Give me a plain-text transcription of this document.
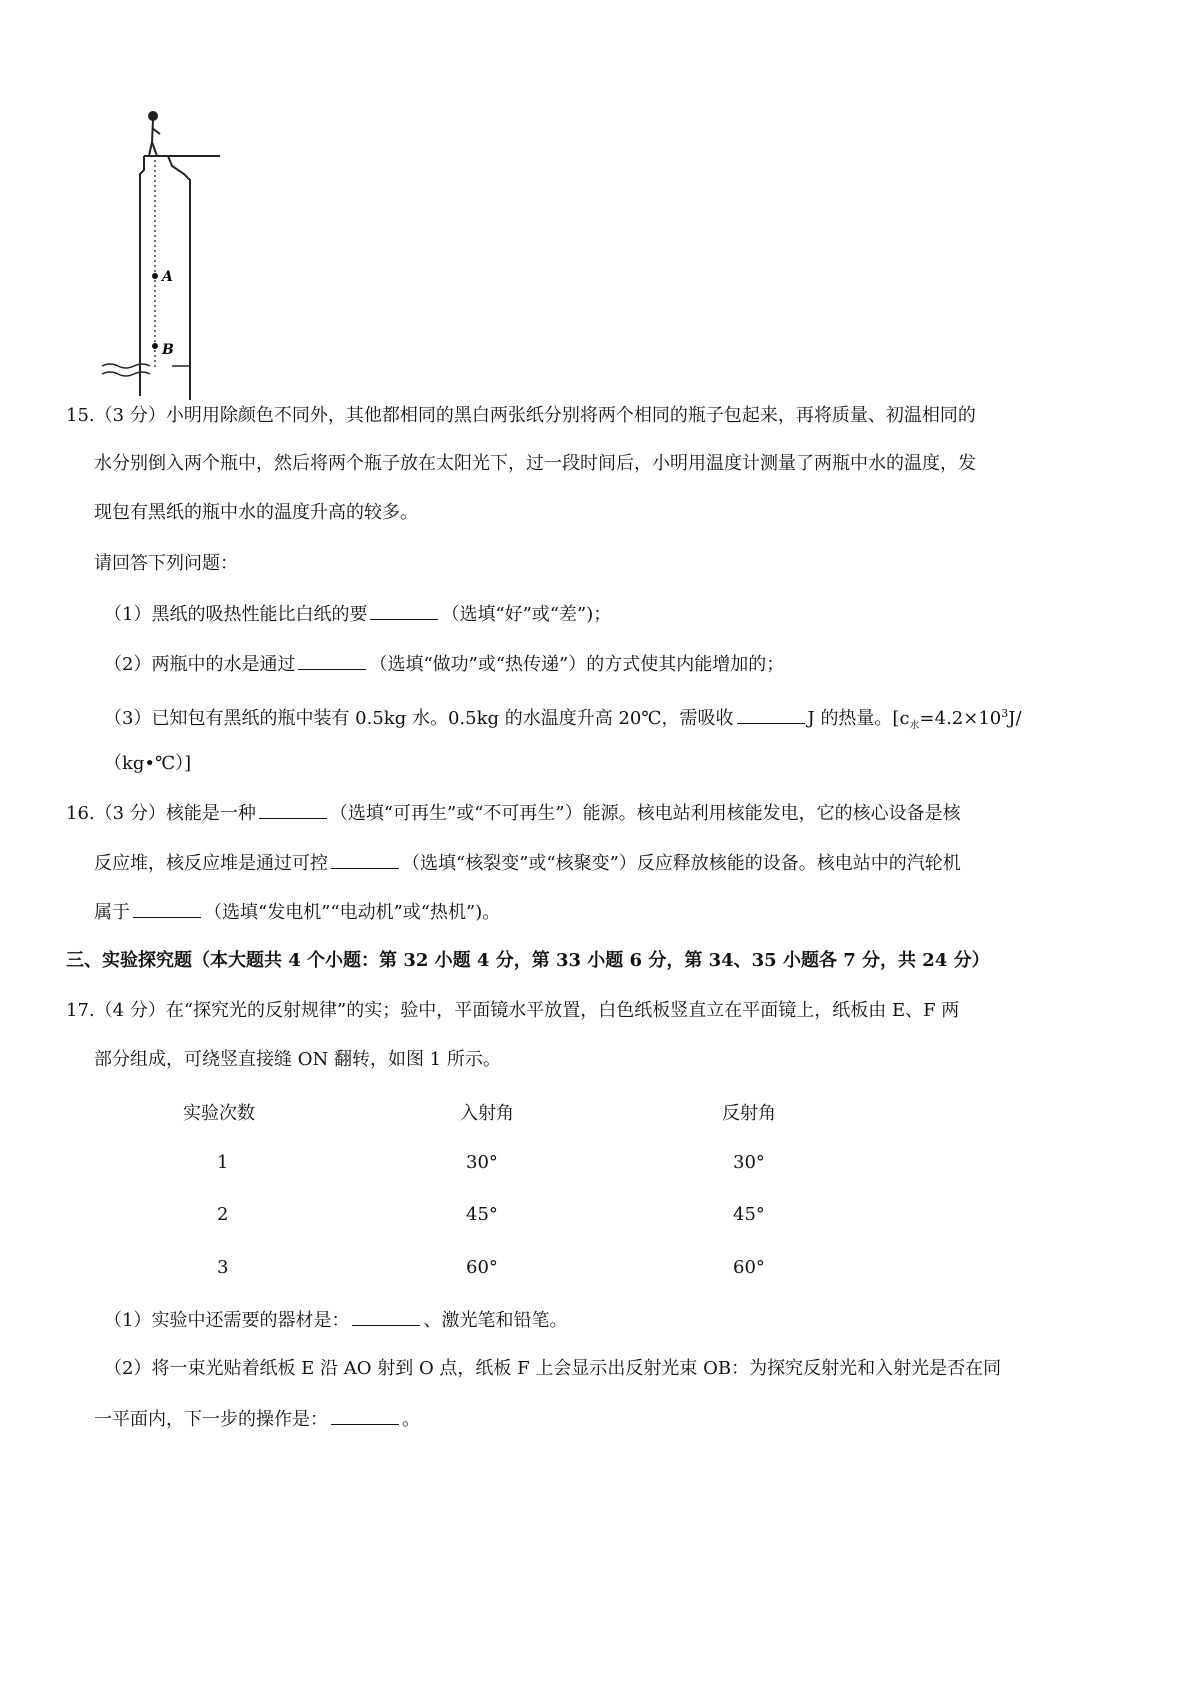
A
B
15.（3 分）小明用除颜色不同外，其他都相同的黑白两张纸分别将两个相同的瓶子包起来，再将质量、初温相同的
水分别倒入两个瓶中，然后将两个瓶子放在太阳光下，过一段时间后，小明用温度计测量了两瓶中水的温度，发
现包有黑纸的瓶中水的温度升高的较多。
请回答下列问题：
（1）黑纸的吸热性能比白纸的要	（选填“好”或“差”)；
（2）两瓶中的水是通过	（选填“做功”或“热传递”）的方式使其内能增加的；
（3）已知包有黑纸的瓶中装有 0.5kg 水。0.5kg 的水温度升高 20℃，需吸收	J 的热量。[$c_水=4.2\times 10^3J/$
（kg•℃）]
16.（3 分）核能是一种	（选填“可再生”或“不可再生”）能源。核电站利用核能发电，它的核心设备是核
反应堆，核反应堆是通过可控	（选填“核裂变”或“核聚变”）反应释放核能的设备。核电站中的汽轮机
属于	（选填“发电机”“电动机”或“热机”)。
三、实验探究题（本大题共 4 个小题：第 32 小题 4 分，第 33 小题 6 分，第 34、35 小题各 7 分，共 24 分）
17.（4 分）在“探究光的反射规律”的实；验中，平面镜水平放置，白色纸板竖直立在平面镜上，纸板由 E、F 两
部分组成，可绕竖直接缝 ON 翻转，如图 1 所示。
实验次数	入射角	反射角
1	30°	30°
2	45°	45°
3	60°	60°
（1）实验中还需要的器材是：	、激光笔和铅笔。
（2）将一束光贴着纸板 E 沿 AO 射到 O 点，纸板 F 上会显示出反射光束 OB：为探究反射光和入射光是否在同
一平面内，下一步的操作是：	。
